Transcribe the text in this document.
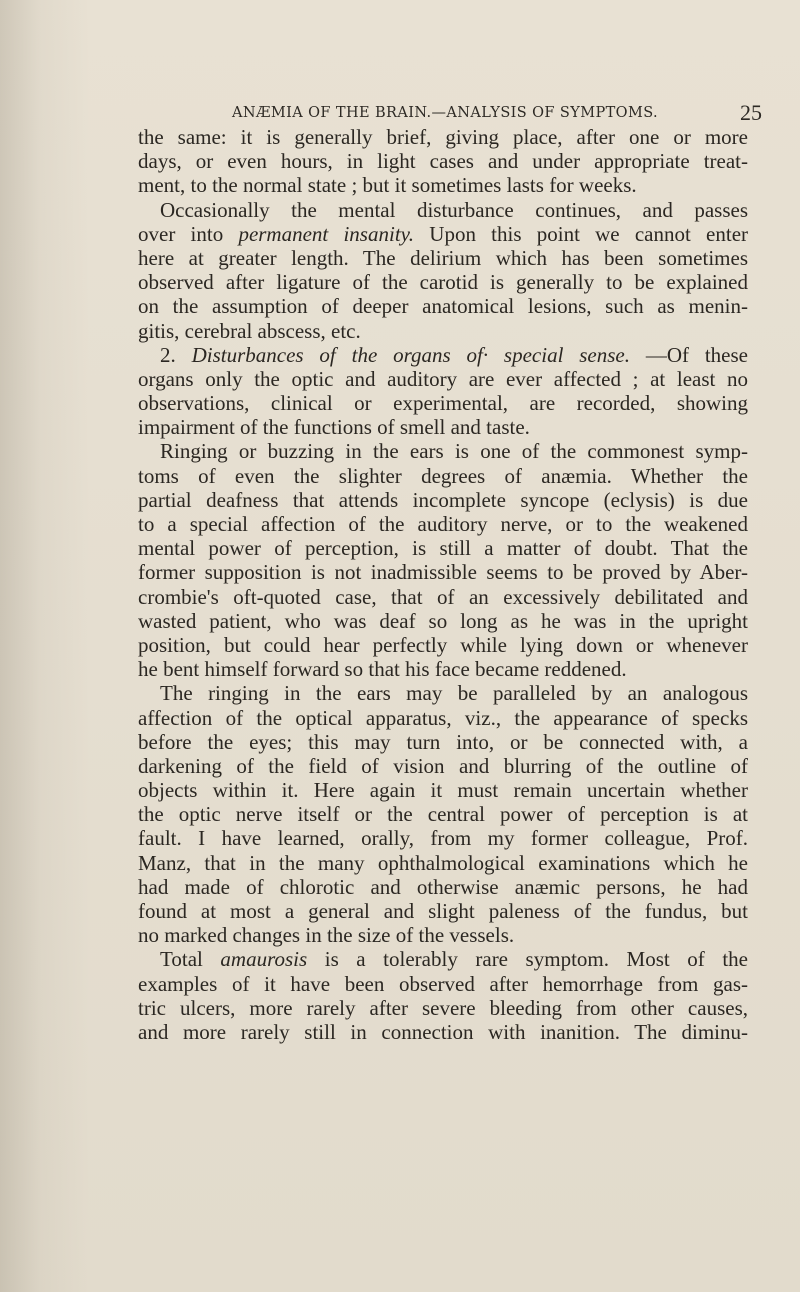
ANÆMIA OF THE BRAIN.—ANALYSIS OF SYMPTOMS.	25
the same: it is generally brief, giving place, after one or more
days, or even hours, in light cases and under appropriate treat-
ment, to the normal state ; but it sometimes lasts for weeks.
Occasionally the mental disturbance continues, and passes
over into permanent insanity. Upon this point we cannot enter
here at greater length. The delirium which has been sometimes
observed after ligature of the carotid is generally to be explained
on the assumption of deeper anatomical lesions, such as menin-
gitis, cerebral abscess, etc.
2. Disturbances of the organs of· special sense. —Of these
organs only the optic and auditory are ever affected ; at least no
observations, clinical or experimental, are recorded, showing
impairment of the functions of smell and taste.
Ringing or buzzing in the ears is one of the commonest symp-
toms of even the slighter degrees of anæmia. Whether the
partial deafness that attends incomplete syncope (eclysis) is due
to a special affection of the auditory nerve, or to the weakened
mental power of perception, is still a matter of doubt. That the
former supposition is not inadmissible seems to be proved by Aber-
crombie's oft-quoted case, that of an excessively debilitated and
wasted patient, who was deaf so long as he was in the upright
position, but could hear perfectly while lying down or whenever
he bent himself forward so that his face became reddened.
The ringing in the ears may be paralleled by an analogous
affection of the optical apparatus, viz., the appearance of specks
before the eyes; this may turn into, or be connected with, a
darkening of the field of vision and blurring of the outline of
objects within it. Here again it must remain uncertain whether
the optic nerve itself or the central power of perception is at
fault. I have learned, orally, from my former colleague, Prof.
Manz, that in the many ophthalmological examinations which he
had made of chlorotic and otherwise anæmic persons, he had
found at most a general and slight paleness of the fundus, but
no marked changes in the size of the vessels.
Total amaurosis is a tolerably rare symptom. Most of the
examples of it have been observed after hemorrhage from gas-
tric ulcers, more rarely after severe bleeding from other causes,
and more rarely still in connection with inanition. The diminu-
